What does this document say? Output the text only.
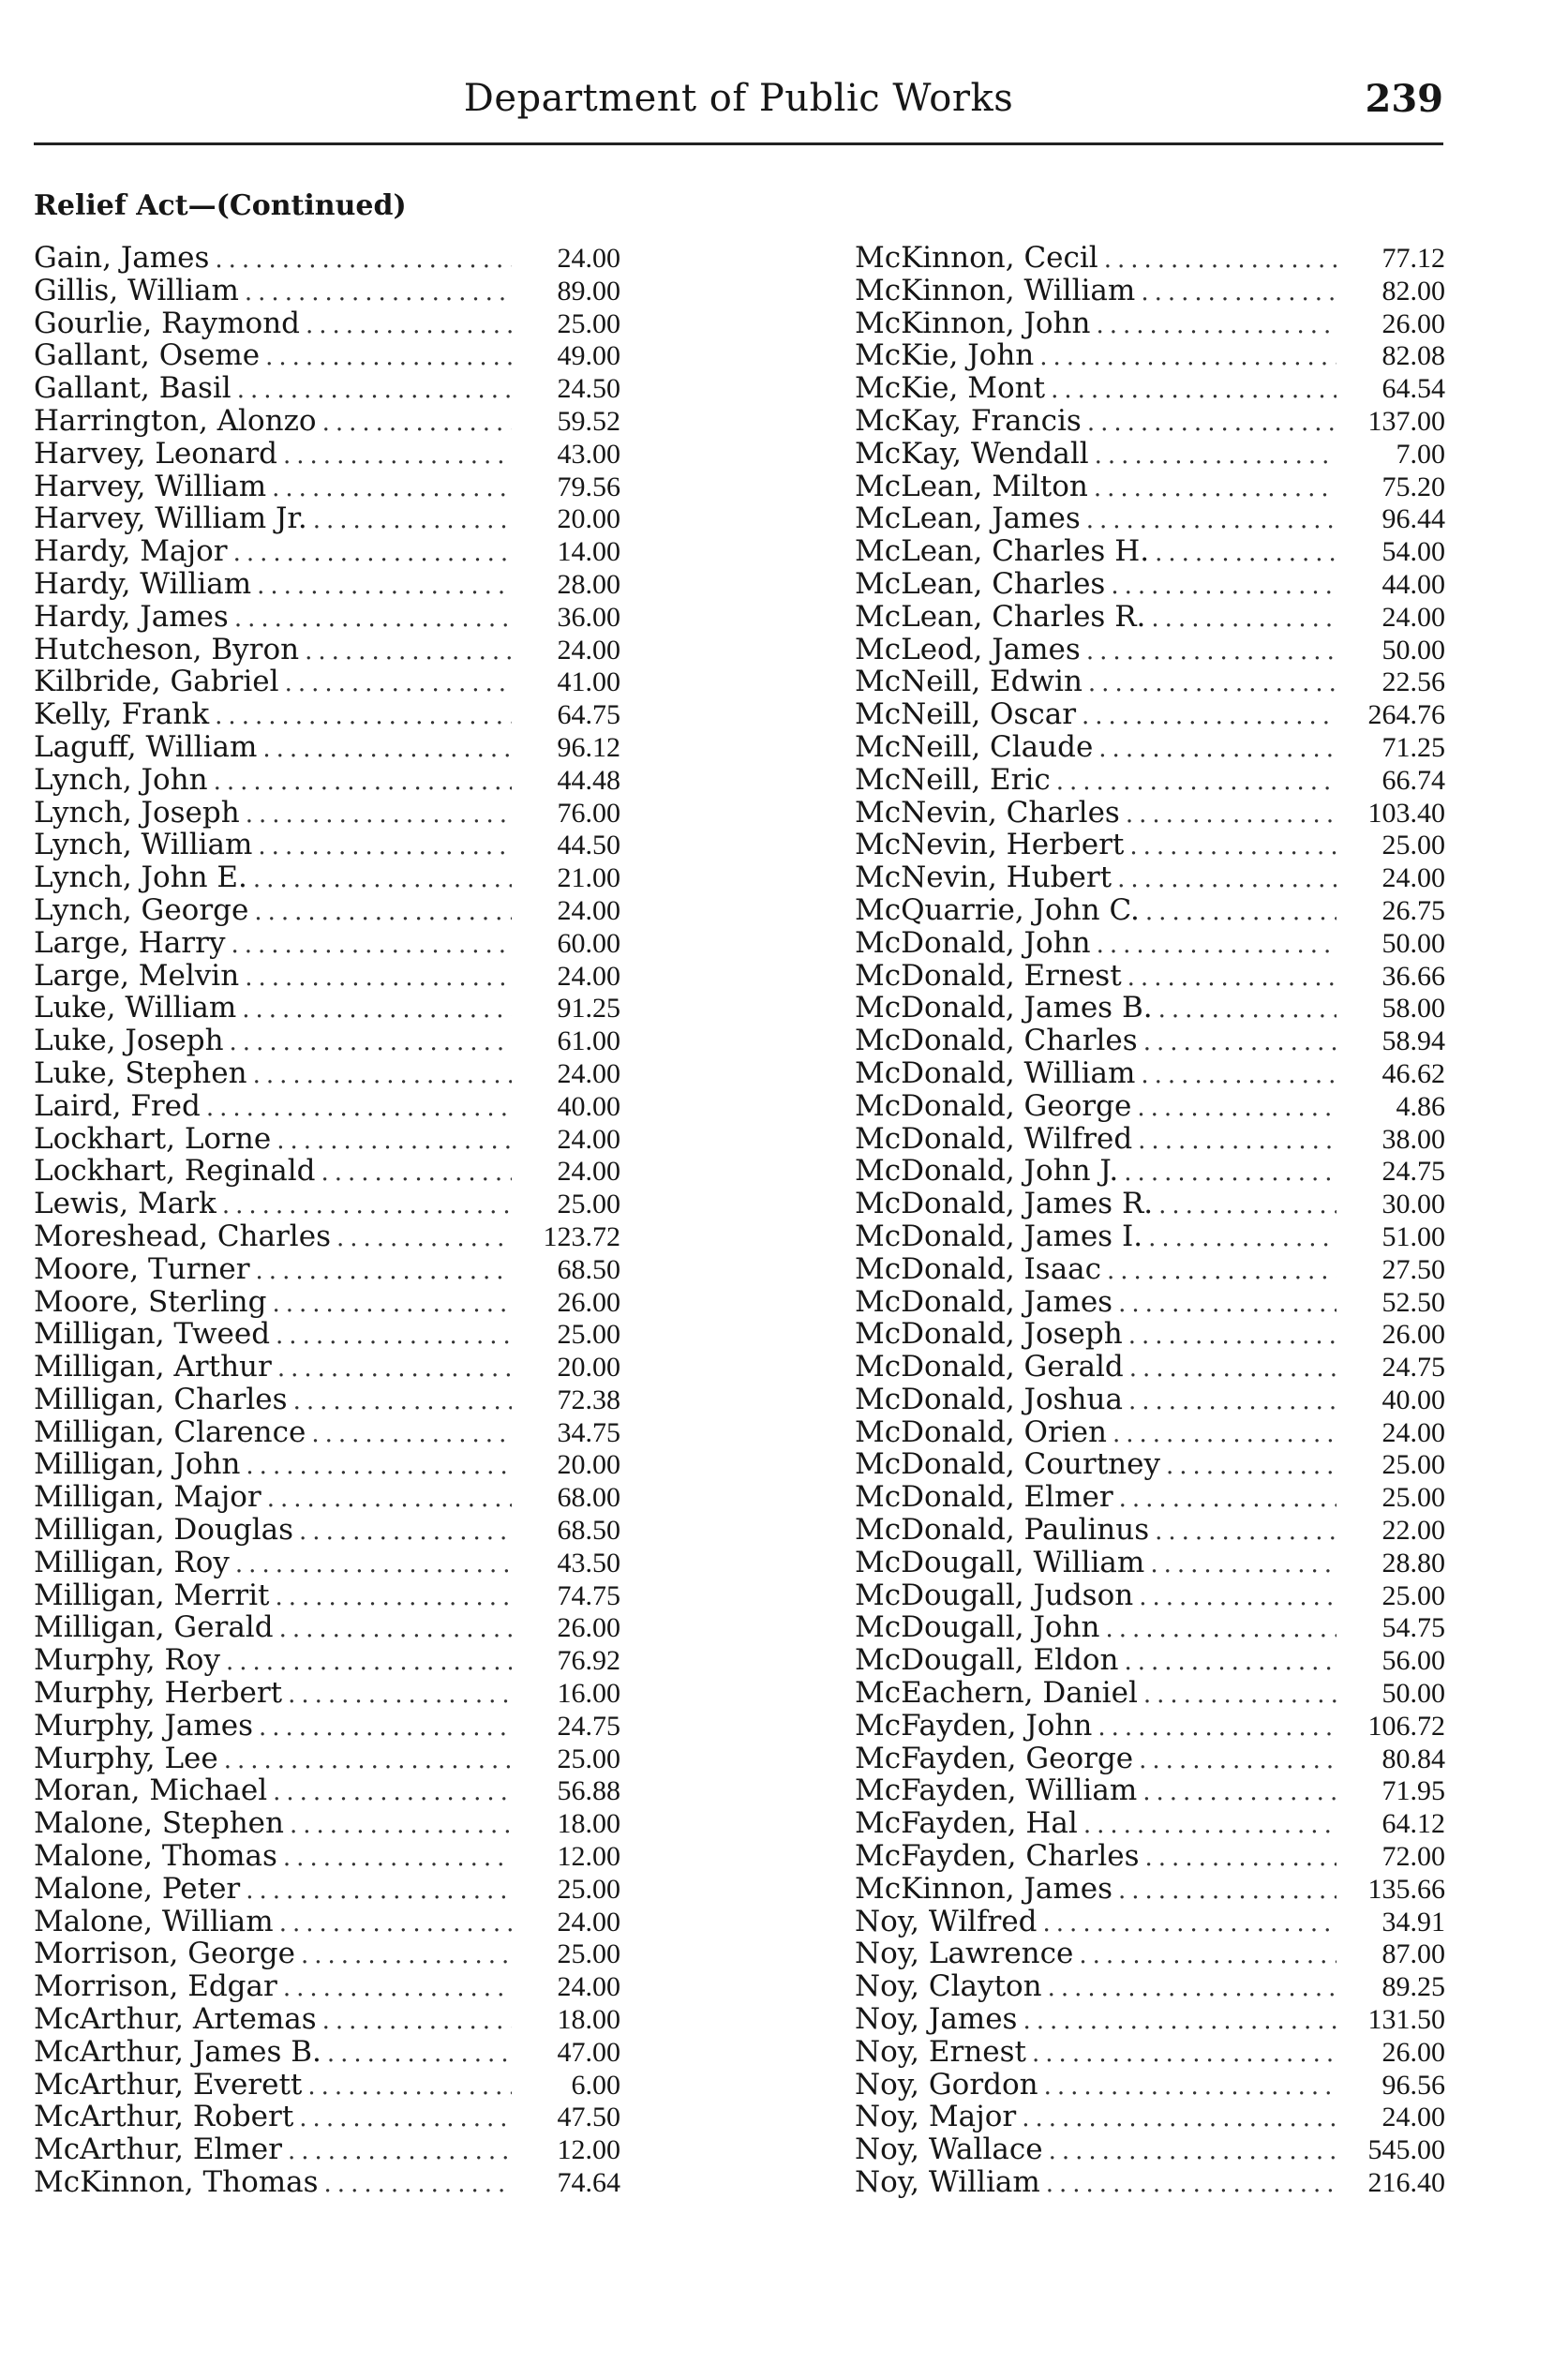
Department of Public Works	239
Relief Act—(Continued)
Gain, James .....	24.00
Gillis, William .....	89.00
Gourlie, Raymond .....	25.00
Gallant, Oseme .....	49.00
Gallant, Basil .....	24.50
Harrington, Alonzo .....	59.52
Harvey, Leonard .....	43.00
Harvey, William .....	79.56
Harvey, William Jr. .....	20.00
Hardy, Major .....	14.00
Hardy, William .....	28.00
Hardy, James .....	36.00
Hutcheson, Byron .....	24.00
Kilbride, Gabriel .....	41.00
Kelly, Frank .....	64.75
Laguff, William .....	96.12
Lynch, John .....	44.48
Lynch, Joseph .....	76.00
Lynch, William .....	44.50
Lynch, John E. .....	21.00
Lynch, George .....	24.00
Large, Harry .....	60.00
Large, Melvin .....	24.00
Luke, William .....	91.25
Luke, Joseph .....	61.00
Luke, Stephen .....	24.00
Laird, Fred .....	40.00
Lockhart, Lorne .....	24.00
Lockhart, Reginald .....	24.00
Lewis, Mark .....	25.00
Moreshead, Charles .....	123.72
Moore, Turner .....	68.50
Moore, Sterling .....	26.00
Milligan, Tweed .....	25.00
Milligan, Arthur .....	20.00
Milligan, Charles .....	72.38
Milligan, Clarence .....	34.75
Milligan, John .....	20.00
Milligan, Major .....	68.00
Milligan, Douglas .....	68.50
Milligan, Roy .....	43.50
Milligan, Merrit .....	74.75
Milligan, Gerald .....	26.00
Murphy, Roy .....	76.92
Murphy, Herbert .....	16.00
Murphy, James .....	24.75
Murphy, Lee .....	25.00
Moran, Michael .....	56.88
Malone, Stephen .....	18.00
Malone, Thomas .....	12.00
Malone, Peter .....	25.00
Malone, William .....	24.00
Morrison, George .....	25.00
Morrison, Edgar .....	24.00
McArthur, Artemas .....	18.00
McArthur, James B. .....	47.00
McArthur, Everett .....	6.00
McArthur, Robert .....	47.50
McArthur, Elmer .....	12.00
McKinnon, Thomas .....	74.64
McKinnon, Cecil .....	77.12
McKinnon, William .....	82.00
McKinnon, John .....	26.00
McKie, John .....	82.08
McKie, Mont .....	64.54
McKay, Francis .....	137.00
McKay, Wendall .....	7.00
McLean, Milton .....	75.20
McLean, James .....	96.44
McLean, Charles H. .....	54.00
McLean, Charles .....	44.00
McLean, Charles R. .....	24.00
McLeod, James .....	50.00
McNeill, Edwin .....	22.56
McNeill, Oscar .....	264.76
McNeill, Claude .....	71.25
McNeill, Eric .....	66.74
McNevin, Charles .....	103.40
McNevin, Herbert .....	25.00
McNevin, Hubert .....	24.00
McQuarrie, John C. .....	26.75
McDonald, John .....	50.00
McDonald, Ernest .....	36.66
McDonald, James B. .....	58.00
McDonald, Charles .....	58.94
McDonald, William .....	46.62
McDonald, George .....	4.86
McDonald, Wilfred .....	38.00
McDonald, John J. .....	24.75
McDonald, James R. .....	30.00
McDonald, James I. .....	51.00
McDonald, Isaac .....	27.50
McDonald, James .....	52.50
McDonald, Joseph .....	26.00
McDonald, Gerald .....	24.75
McDonald, Joshua .....	40.00
McDonald, Orien .....	24.00
McDonald, Courtney .....	25.00
McDonald, Elmer .....	25.00
McDonald, Paulinus .....	22.00
McDougall, William .....	28.80
McDougall, Judson .....	25.00
McDougall, John .....	54.75
McDougall, Eldon .....	56.00
McEachern, Daniel .....	50.00
McFayden, John .....	106.72
McFayden, George .....	80.84
McFayden, William .....	71.95
McFayden, Hal .....	64.12
McFayden, Charles .....	72.00
McKinnon, James .....	135.66
Noy, Wilfred .....	34.91
Noy, Lawrence .....	87.00
Noy, Clayton .....	89.25
Noy, James .....	131.50
Noy, Ernest .....	26.00
Noy, Gordon .....	96.56
Noy, Major .....	24.00
Noy, Wallace .....	545.00
Noy, William .....	216.40
